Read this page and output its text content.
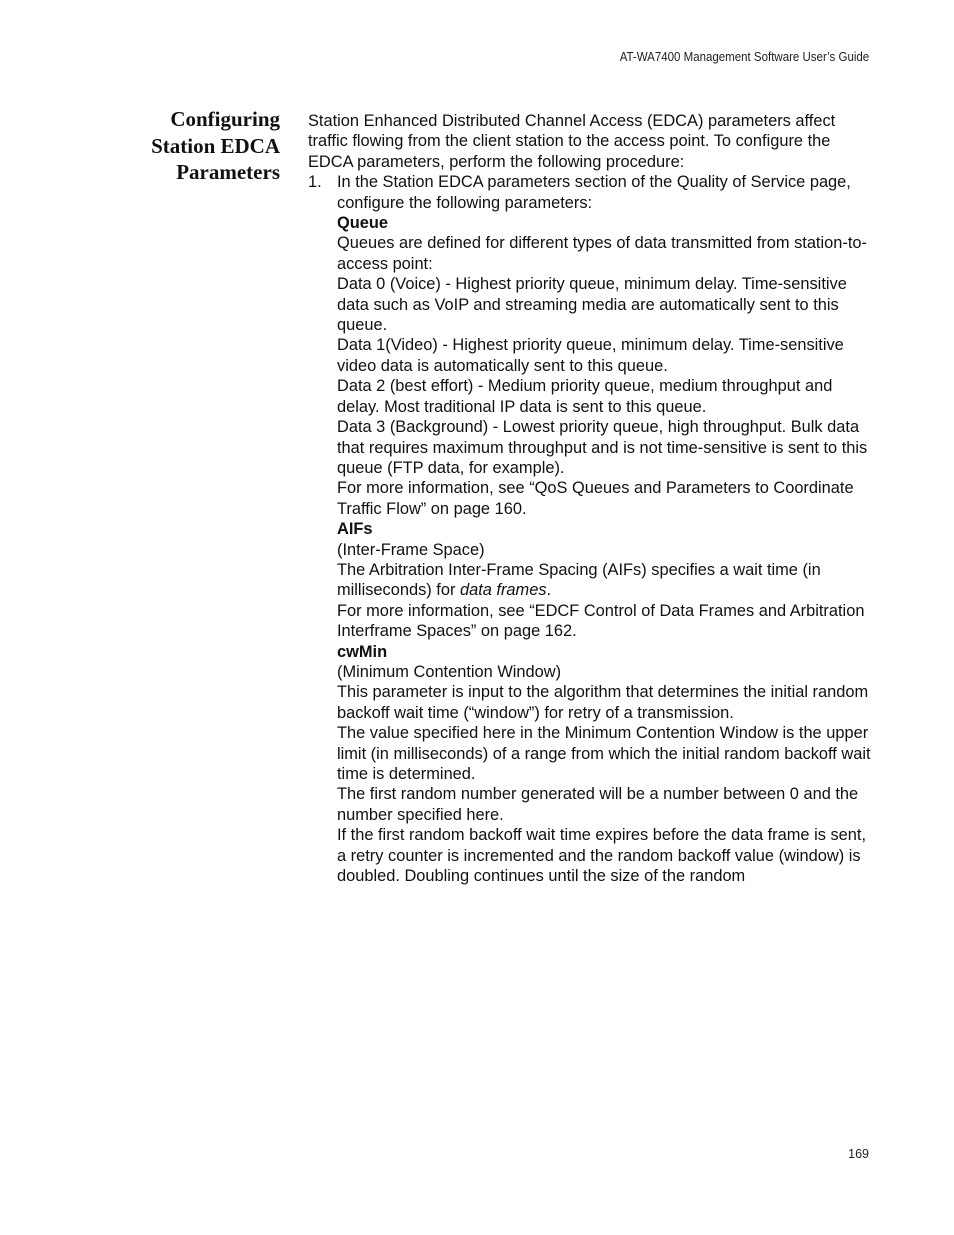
AT-WA7400 Management Software User’s Guide
Configuring
Station EDCA
Parameters

Station Enhanced Distributed Channel Access (EDCA) parameters affect traffic flowing from the client station to the access point. To configure the EDCA parameters, perform the following procedure:

1. In the Station EDCA parameters section of the Quality of Service page, configure the following parameters:

Queue

Queues are defined for different types of data transmitted from station-to-access point:

Data 0 (Voice) - Highest priority queue, minimum delay. Time-sensitive data such as VoIP and streaming media are automatically sent to this queue.

Data 1(Video) - Highest priority queue, minimum delay. Time-sensitive video data is automatically sent to this queue.

Data 2 (best effort) - Medium priority queue, medium throughput and delay. Most traditional IP data is sent to this queue.

Data 3 (Background) - Lowest priority queue, high throughput. Bulk data that requires maximum throughput and is not time-sensitive is sent to this queue (FTP data, for example).

For more information, see “QoS Queues and Parameters to Coordinate Traffic Flow” on page 160.

AIFs

(Inter-Frame Space)

The Arbitration Inter-Frame Spacing (AIFs) specifies a wait time (in milliseconds) for data frames.

For more information, see “EDCF Control of Data Frames and Arbitration Interframe Spaces” on page 162.

cwMin

(Minimum Contention Window)

This parameter is input to the algorithm that determines the initial random backoff wait time (“window”) for retry of a transmission.

The value specified here in the Minimum Contention Window is the upper limit (in milliseconds) of a range from which the initial random backoff wait time is determined.

The first random number generated will be a number between 0 and the number specified here.

If the first random backoff wait time expires before the data frame is sent, a retry counter is incremented and the random backoff value (window) is doubled. Doubling continues until the size of the random

169
